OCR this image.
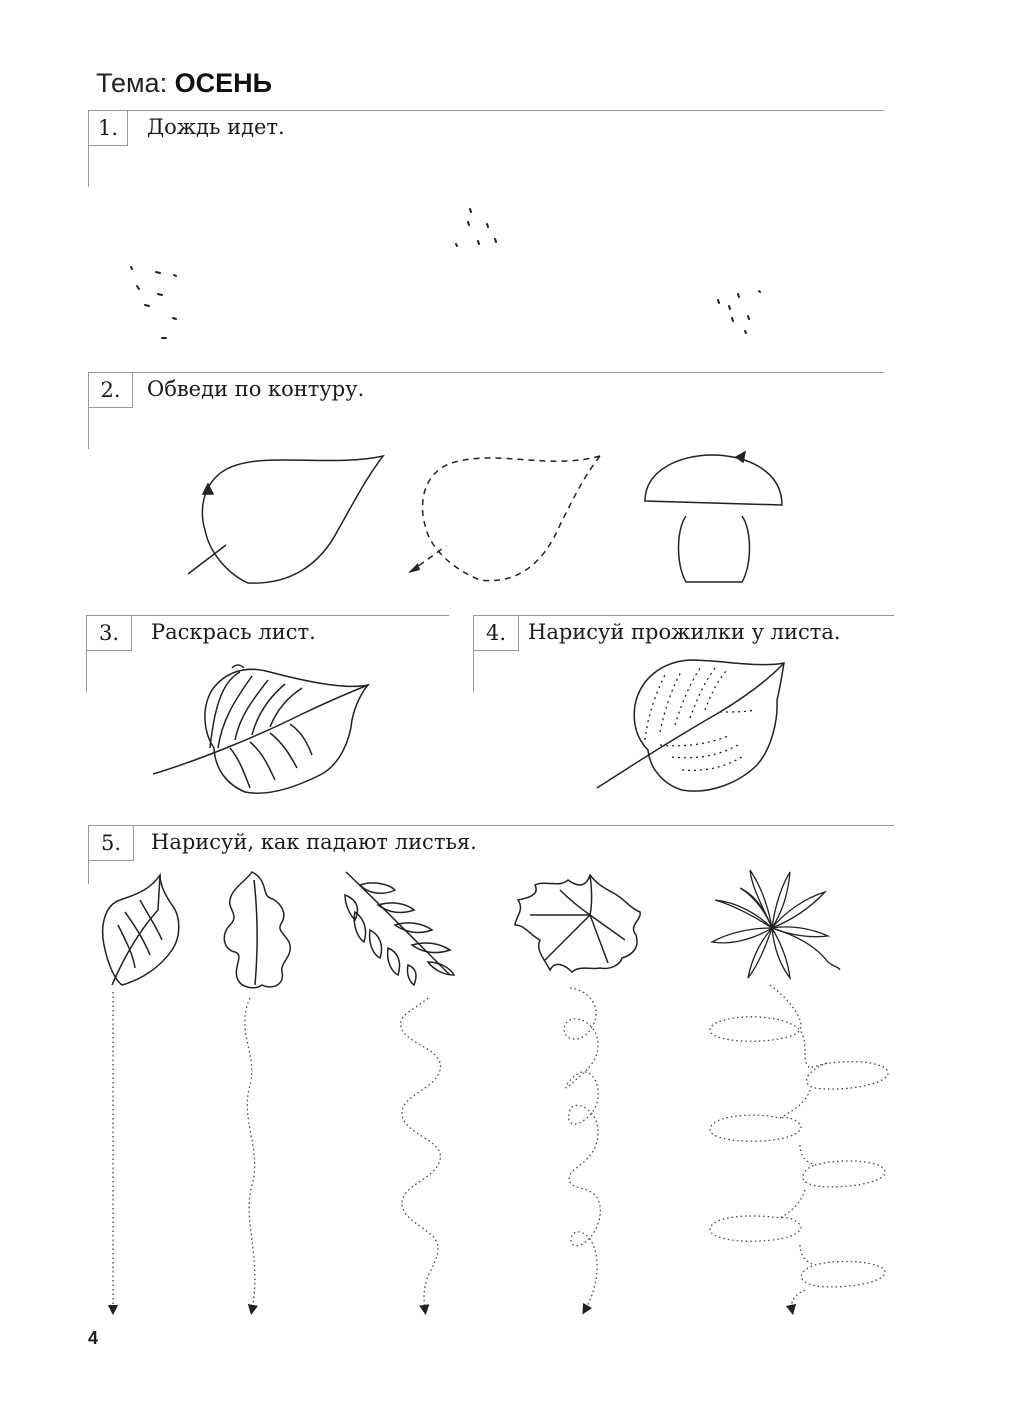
Тема: ОСЕНЬ
1.	Дождь идет.
2.	Обведи по контуру.
3.	Раскрась лист.	4.	Нарисуй прожилки у листа.
5.	Нарисуй, как падают листья.
4
